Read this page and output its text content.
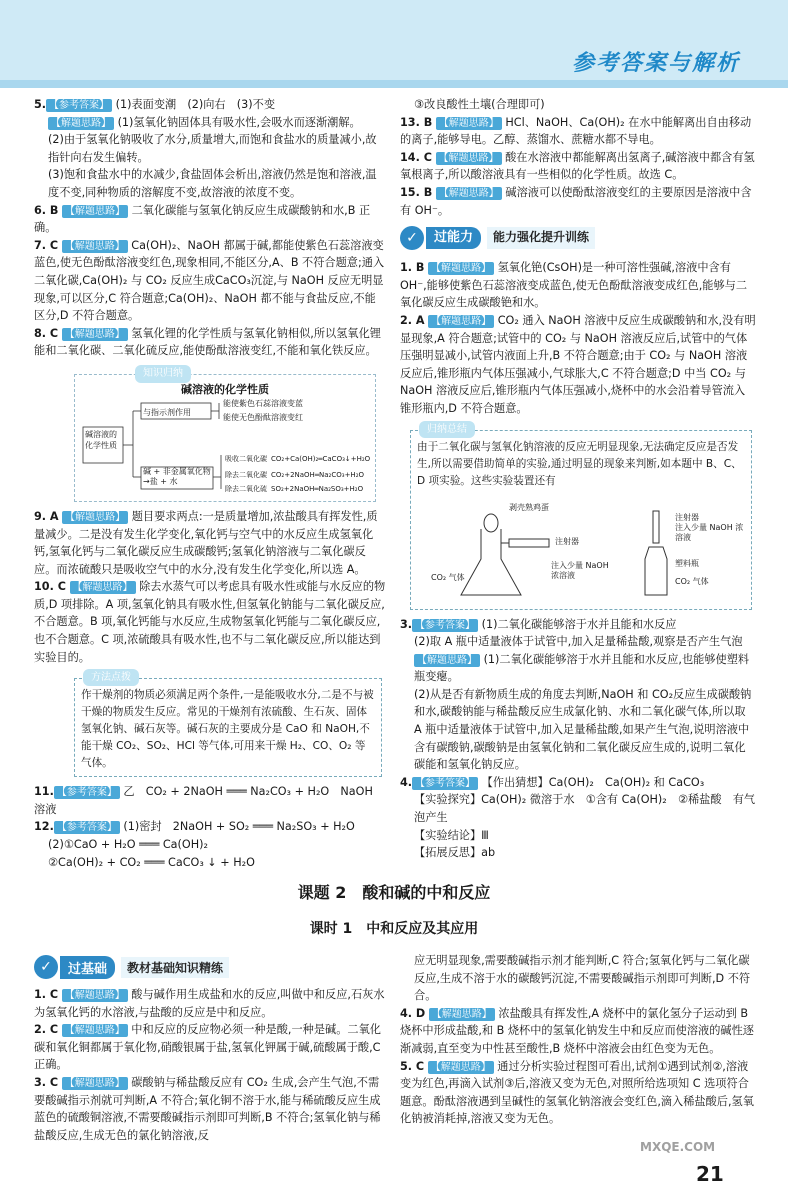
参考答案与解析

5. 【参考答案】 (1)表面变潮　(2)向右　(3)不变

【解题思路】 (1)氢氧化钠固体具有吸水性,会吸水而逐渐潮解。

(2)由于氢氧化钠吸收了水分,质量增大,而饱和食盐水的质量减小,故指针向右发生偏转。

(3)饱和食盐水中的水减少,食盐固体会析出,溶液仍然是饱和溶液,温度不变,同种物质的溶解度不变,故溶液的浓度不变。

6. B 【解题思路】 二氧化碳能与氢氧化钠反应生成碳酸钠和水,B 正确。

7. C 【解题思路】 Ca(OH)₂、NaOH 都属于碱,都能使紫色石蕊溶液变蓝色,使无色酚酞溶液变红色,现象相同,不能区分,A、B 不符合题意;通入二氧化碳,Ca(OH)₂ 与 CO₂ 反应生成CaCO₃沉淀,与 NaOH 反应无明显现象,可以区分,C 符合题意;Ca(OH)₂、NaOH 都不能与食盐反应,不能区分,D 不符合题意。

8. C 【解题思路】 氢氧化锂的化学性质与氢氧化钠相似,所以氢氧化锂能和二氧化碳、二氧化硫反应,能使酚酞溶液变红,不能和氧化铁反应。

知识归纳
碱溶液的化学性质
碱溶液的化学性质
与指示剂作用
能使紫色石蕊溶液变蓝
能使无色酚酞溶液变红
碱 + 非金属氧化物→盐 + 水
吸收二氧化碳
除去二氧化碳
除去二氧化硫
CO₂+Ca(OH)₂═CaCO₃↓+H₂O
CO₂+2NaOH═Na₂CO₃+H₂O
SO₂+2NaOH═Na₂SO₃+H₂O

9. A 【解题思路】 题目要求两点:一是质量增加,浓盐酸具有挥发性,质量减少。二是没有发生化学变化,氧化钙与空气中的水反应生成氢氧化钙,氢氧化钙与二氧化碳反应生成碳酸钙;氢氧化钠溶液与二氧化碳反应。而浓硫酸只是吸收空气中的水分,没有发生化学变化,所以选 A。

10. C 【解题思路】 除去水蒸气可以考虑具有吸水性或能与水反应的物质,D 项排除。A 项,氢氧化钠具有吸水性,但氢氧化钠能与二氧化碳反应,不合题意。B 项,氧化钙能与水反应,生成物氢氧化钙能与二氧化碳反应,也不合题意。C 项,浓硫酸具有吸水性,也不与二氧化碳反应,所以能达到实验目的。

方法点拨
作干燥剂的物质必须满足两个条件,一是能吸收水分,二是不与被干燥的物质发生反应。常见的干燥剂有浓硫酸、生石灰、固体氢氧化钠、碱石灰等。碱石灰的主要成分是 CaO 和 NaOH,不能干燥 CO₂、SO₂、HCl 等气体,可用来干燥 H₂、CO、O₂ 等气体。

11. 【参考答案】 乙　CO₂ + 2NaOH ═══ Na₂CO₃ + H₂O　NaOH 溶液

12. 【参考答案】 (1)密封　2NaOH + SO₂ ═══ Na₂SO₃ + H₂O

(2)①CaO + H₂O ═══ Ca(OH)₂

②Ca(OH)₂ + CO₂ ═══ CaCO₃ ↓ + H₂O

③改良酸性土壤(合理即可)

13. B 【解题思路】 HCl、NaOH、Ca(OH)₂ 在水中能解离出自由移动的离子,能够导电。乙醇、蒸馏水、蔗糖水都不导电。

14. C 【解题思路】 酸在水溶液中都能解离出氢离子,碱溶液中都含有氢氧根离子,所以酸溶液具有一些相似的化学性质。故选 C。

15. B 【解题思路】 碱溶液可以使酚酞溶液变红的主要原因是溶液中含有 OH⁻。

✓	过能力	能力强化提升训练

1. B 【解题思路】 氢氧化铯(CsOH)是一种可溶性强碱,溶液中含有 OH⁻,能够使紫色石蕊溶液变成蓝色,使无色酚酞溶液变成红色,能够与二氧化碳反应生成碳酸铯和水。

2. A 【解题思路】 CO₂ 通入 NaOH 溶液中反应生成碳酸钠和水,没有明显现象,A 符合题意;试管中的 CO₂ 与 NaOH 溶液反应后,试管中的气体压强明显减小,试管内液面上升,B 不符合题意;由于 CO₂ 与 NaOH 溶液反应后,锥形瓶内气体压强减小,气球胀大,C 不符合题意;D 中当 CO₂ 与 NaOH 溶液反应后,锥形瓶内气体压强减小,烧杯中的水会沿着导管流入锥形瓶内,D 不符合题意。

归纳总结
由于二氧化碳与氢氧化钠溶液的反应无明显现象,无法确定反应是否发生,所以需要借助简单的实验,通过明显的现象来判断,如本题中 B、C、D 项实验。这些实验装置还有
剥壳熟鸡蛋
注射器
注入少量 NaOH 浓溶液
CO₂ 气体
注射器
注入少量 NaOH 浓溶液
塑料瓶
CO₂ 气体

3. 【参考答案】 (1)二氧化碳能够溶于水并且能和水反应

(2)取 A 瓶中适量液体于试管中,加入足量稀盐酸,观察是否产生气泡

【解题思路】 (1)二氧化碳能够溶于水并且能和水反应,也能够使塑料瓶变瘪。

(2)从是否有新物质生成的角度去判断,NaOH 和 CO₂反应生成碳酸钠和水,碳酸钠能与稀盐酸反应生成氯化钠、水和二氧化碳气体,所以取 A 瓶中适量液体于试管中,加入足量稀盐酸,如果产生气泡,说明溶液中含有碳酸钠,碳酸钠是由氢氧化钠和二氧化碳反应生成的,说明二氧化碳能和氢氧化钠反应。

4. 【参考答案】 【作出猜想】Ca(OH)₂　Ca(OH)₂ 和 CaCO₃

【实验探究】Ca(OH)₂ 微溶于水　①含有 Ca(OH)₂　②稀盐酸　有气泡产生

【实验结论】Ⅲ

【拓展反思】ab

课题 2　酸和碱的中和反应
课时 1　中和反应及其应用
✓	过基础	教材基础知识精练

1. C 【解题思路】 酸与碱作用生成盐和水的反应,叫做中和反应,石灰水为氢氧化钙的水溶液,与盐酸的反应是中和反应。

2. C 【解题思路】 中和反应的反应物必须一种是酸,一种是碱。二氧化碳和氧化铜都属于氧化物,硝酸银属于盐,氢氧化钾属于碱,硫酸属于酸,C 正确。

3. C 【解题思路】 碳酸钠与稀盐酸反应有 CO₂ 生成,会产生气泡,不需要酸碱指示剂就可判断,A 不符合;氧化铜不溶于水,能与稀硫酸反应生成蓝色的硫酸铜溶液,不需要酸碱指示剂即可判断,B 不符合;氢氧化钠与稀盐酸反应,生成无色的氯化钠溶液,反

应无明显现象,需要酸碱指示剂才能判断,C 符合;氢氧化钙与二氧化碳反应,生成不溶于水的碳酸钙沉淀,不需要酸碱指示剂即可判断,D 不符合。

4. D 【解题思路】 浓盐酸具有挥发性,A 烧杯中的氯化氢分子运动到 B 烧杯中形成盐酸,和 B 烧杯中的氢氧化钠发生中和反应而使溶液的碱性逐渐减弱,直至变为中性甚至酸性,B 烧杯中溶液会由红色变为无色。

5. C 【解题思路】 通过分析实验过程图可看出,试剂①遇到试剂②,溶液变为红色,再滴入试剂③后,溶液又变为无色,对照所给选项知 C 选项符合题意。酚酞溶液遇到呈碱性的氢氧化钠溶液会变红色,滴入稀盐酸后,氢氧化钠被消耗掉,溶液又变为无色。

21
MXQE.COM
